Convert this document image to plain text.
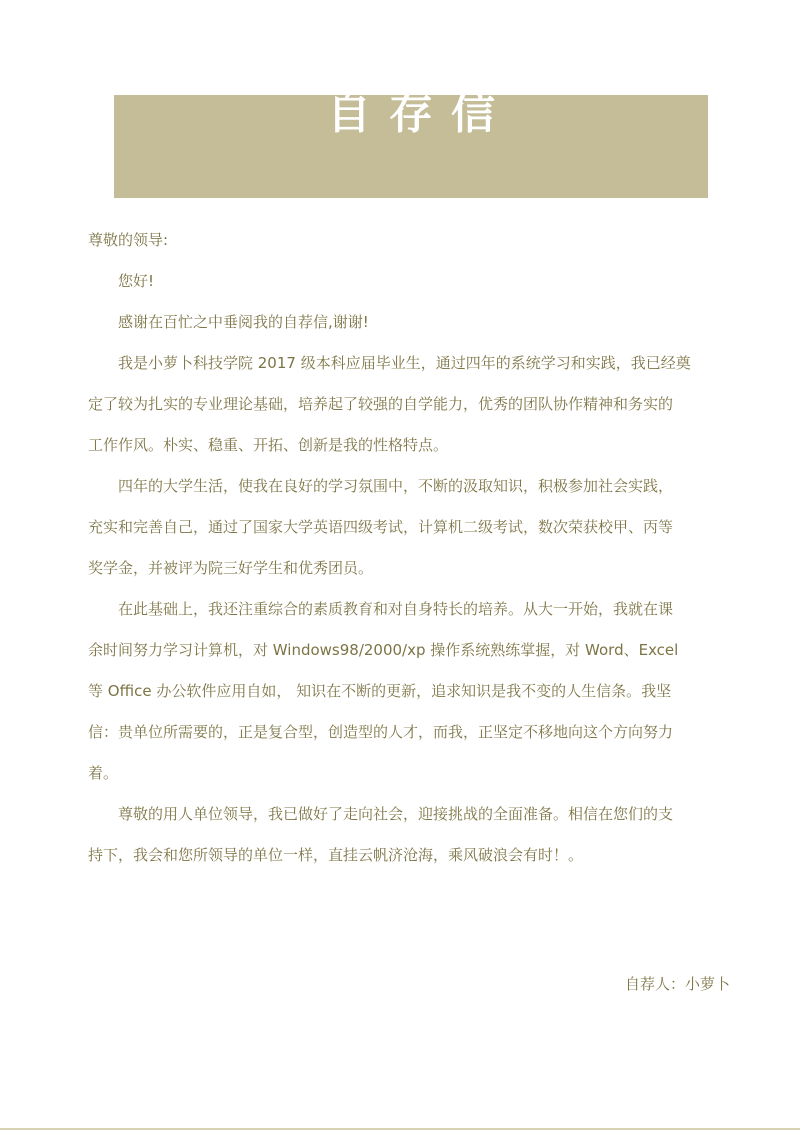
自存信
尊敬的领导:
您好!
感谢在百忙之中垂阅我的自荐信,谢谢!
我是小萝卜科技学院 2017 级本科应届毕业生，通过四年的系统学习和实践，我已经奠
定了较为扎实的专业理论基础，培养起了较强的自学能力，优秀的团队协作精神和务实的
工作作风。朴实、稳重、开拓、创新是我的性格特点。
四年的大学生活，使我在良好的学习氛围中，不断的汲取知识，积极参加社会实践，
充实和完善自己，通过了国家大学英语四级考试，计算机二级考试，数次荣获校甲、丙等
奖学金，并被评为院三好学生和优秀团员。
在此基础上，我还注重综合的素质教育和对自身特长的培养。从大一开始，我就在课
余时间努力学习计算机，对 Windows98/2000/xp 操作系统熟练掌握，对 Word、Excel
等 Office 办公软件应用自如， 知识在不断的更新，追求知识是我不变的人生信条。我坚
信：贵单位所需要的，正是复合型，创造型的人才，而我，正坚定不移地向这个方向努力
着。
尊敬的用人单位领导，我已做好了走向社会，迎接挑战的全面准备。相信在您们的支
持下，我会和您所领导的单位一样，直挂云帆济沧海，乘风破浪会有时！。
自荐人：小萝卜
